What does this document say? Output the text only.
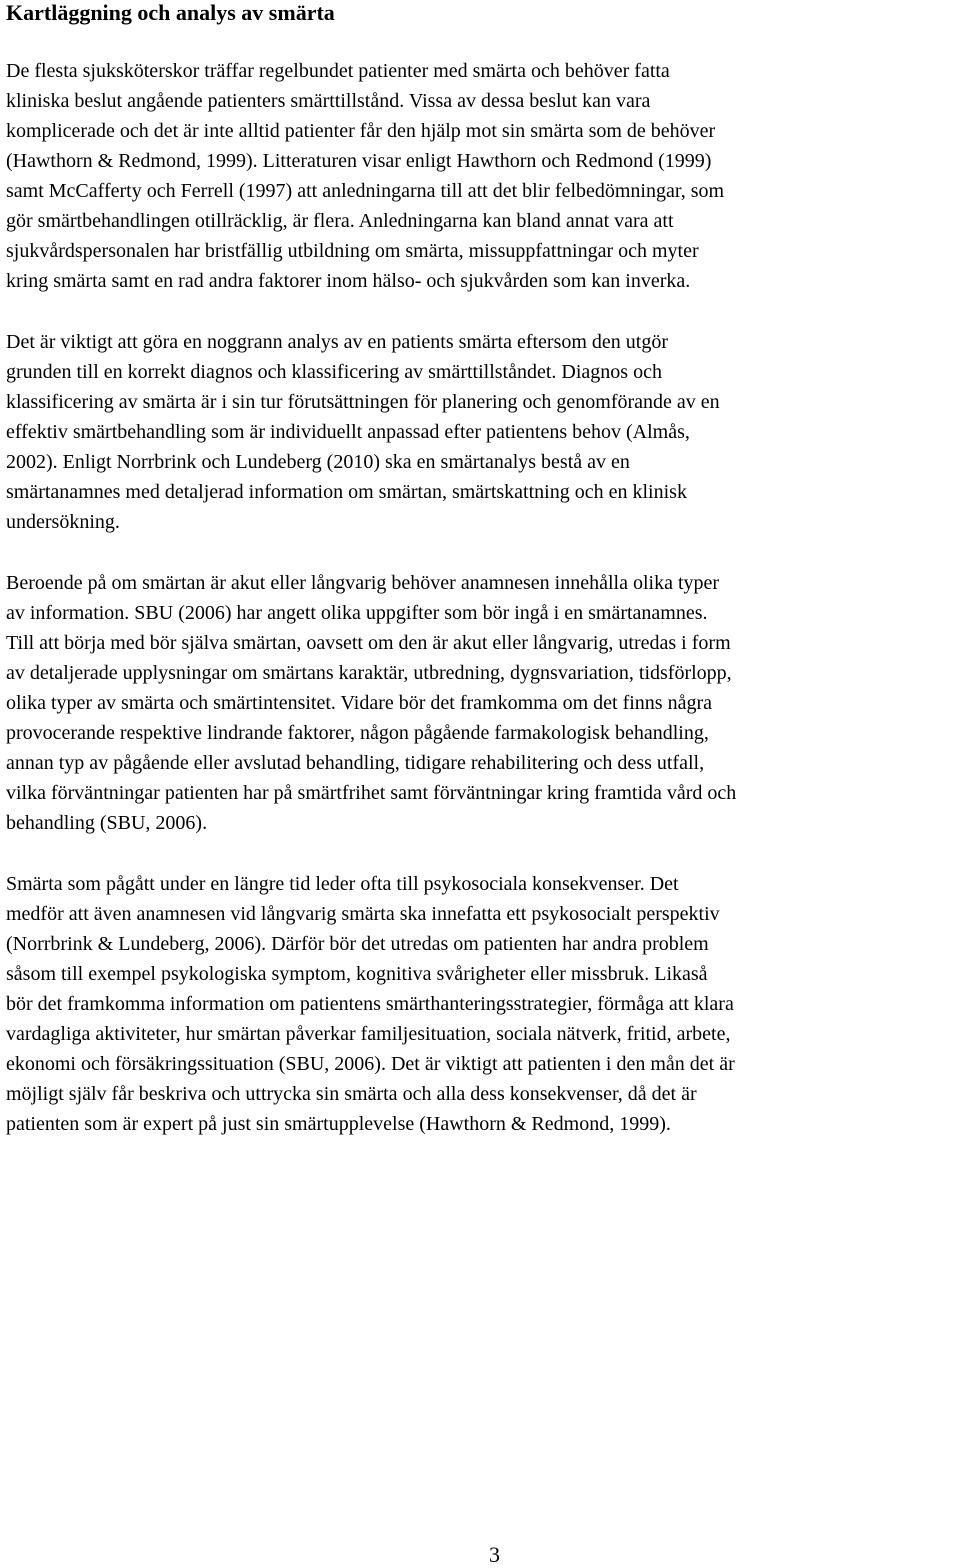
Kartläggning och analys av smärta
De flesta sjuksköterskor träffar regelbundet patienter med smärta och behöver fatta
kliniska beslut angående patienters smärttillstånd. Vissa av dessa beslut kan vara
komplicerade och det är inte alltid patienter får den hjälp mot sin smärta som de behöver
(Hawthorn & Redmond, 1999). Litteraturen visar enligt Hawthorn och Redmond (1999)
samt McCafferty och Ferrell (1997) att anledningarna till att det blir felbedömningar, som
gör smärtbehandlingen otillräcklig, är flera. Anledningarna kan bland annat vara att
sjukvårdspersonalen har bristfällig utbildning om smärta, missuppfattningar och myter
kring smärta samt en rad andra faktorer inom hälso- och sjukvården som kan inverka.
Det är viktigt att göra en noggrann analys av en patients smärta eftersom den utgör
grunden till en korrekt diagnos och klassificering av smärttillståndet. Diagnos och
klassificering av smärta är i sin tur förutsättningen för planering och genomförande av en
effektiv smärtbehandling som är individuellt anpassad efter patientens behov (Almås,
2002). Enligt Norrbrink och Lundeberg (2010) ska en smärtanalys bestå av en
smärtanamnes med detaljerad information om smärtan, smärtskattning och en klinisk
undersökning.
Beroende på om smärtan är akut eller långvarig behöver anamnesen innehålla olika typer
av information. SBU (2006) har angett olika uppgifter som bör ingå i en smärtanamnes.
Till att börja med bör själva smärtan, oavsett om den är akut eller långvarig, utredas i form
av detaljerade upplysningar om smärtans karaktär, utbredning, dygnsvariation, tidsförlopp,
olika typer av smärta och smärtintensitet. Vidare bör det framkomma om det finns några
provocerande respektive lindrande faktorer, någon pågående farmakologisk behandling,
annan typ av pågående eller avslutad behandling, tidigare rehabilitering och dess utfall,
vilka förväntningar patienten har på smärtfrihet samt förväntningar kring framtida vård och
behandling (SBU, 2006).
Smärta som pågått under en längre tid leder ofta till psykosociala konsekvenser. Det
medför att även anamnesen vid långvarig smärta ska innefatta ett psykosocialt perspektiv
(Norrbrink & Lundeberg, 2006). Därför bör det utredas om patienten har andra problem
såsom till exempel psykologiska symptom, kognitiva svårigheter eller missbruk. Likaså
bör det framkomma information om patientens smärthanteringsstrategier, förmåga att klara
vardagliga aktiviteter, hur smärtan påverkar familjesituation, sociala nätverk, fritid, arbete,
ekonomi och försäkringssituation (SBU, 2006). Det är viktigt att patienten i den mån det är
möjligt själv får beskriva och uttrycka sin smärta och alla dess konsekvenser, då det är
patienten som är expert på just sin smärtupplevelse (Hawthorn & Redmond, 1999).
3
